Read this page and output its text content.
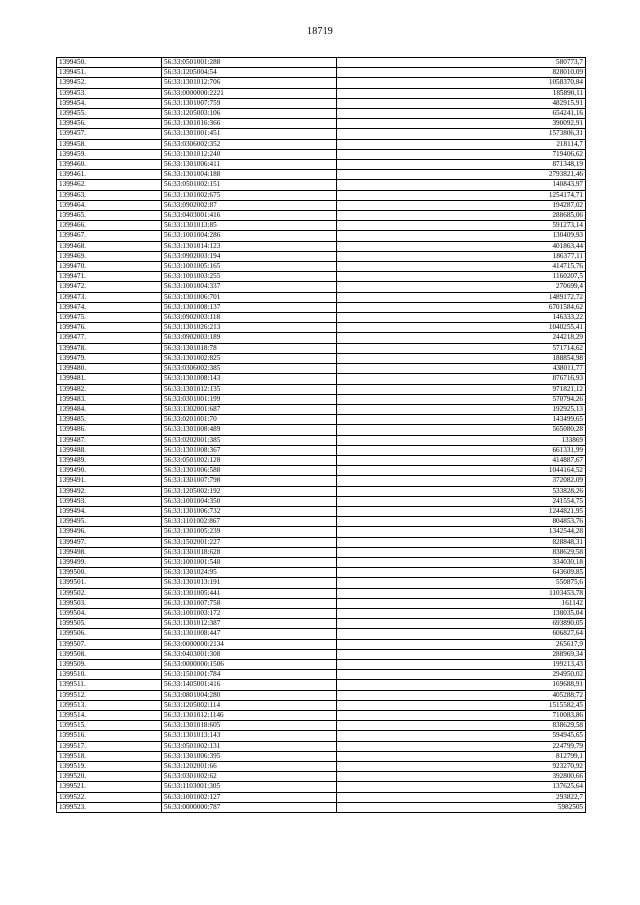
18719
1399450.	56:33:0501001:288	580773,7
1399451.	56:33:1205004:54	828010,09
1399452.	56:33:1301012:706	1058370,84
1399453.	56:33:0000000:2221	185890,11
1399454.	56:33:1301007:759	482915,91
1399455.	56:33:1205003:106	654241,16
1399456.	56:33:1301016:366	390092,91
1399457.	56:33:1301001:451	1573806,31
1399458.	56:33:0306002:352	218114,7
1399459.	56:33:1301012:240	719406,62
1399460.	56:33:1301006:411	871348,19
1399461.	56:33:1301004:188	2793821,46
1399462.	56:33:0501002:151	140843,97
1399463.	56:33:1301002:675	1254174,71
1399464.	56:33:0902002:87	194287,02
1399465.	56:33:0403001:416	288685,06
1399466.	56:33:1301013:85	591273,14
1399467.	56:33:1001004:286	130409,93
1399468.	56:33:1301014:123	401863,44
1399469.	56:33:0902003:194	186377,11
1399470.	56:33:1001005:165	414715,76
1399471.	56:33:1001003:255	1160207,5
1399472.	56:33:1001004:337	270699,4
1399473.	56:33:1301006:701	1489172,72
1399474.	56:33:1301008:137	6701584,62
1399475.	56:33:0902003:118	146333,22
1399476.	56:33:1301026:213	1040255,41
1399477.	56:33:0902003:189	244218,29
1399478.	56:33:1301018:78	571714,62
1399479.	56:33:1301002:825	188854,98
1399480.	56:33:0306002:385	438011,77
1399481.	56:33:1301008:143	876716,93
1399482.	56:33:1301012:135	971821,12
1399483.	56:33:0301001:199	570794,26
1399484.	56:33:1302001:687	192925,13
1399485.	56:33:0201001:70	143499,65
1399486.	56:33:1301008:489	565080,28
1399487.	56:33:0202001:385	133869
1399488.	56:33:1301008:367	661331,99
1399489.	56:33:0501002:128	414887,67
1399490.	56:33:1301006:588	1044164,52
1399491.	56:33:1301007:798	372082,09
1399492.	56:33:1205002:192	533828,26
1399493.	56:33:1001004:350	241554,75
1399494.	56:33:1301006:732	1244821,95
1399495.	56:33:1101002:867	804853,76
1399496.	56:33:1301005:239	1342544,28
1399497.	56:33:1502001:227	828848,31
1399498.	56:33:1301018:628	838629,58
1399499.	56:33:1001001:548	334030,18
1399500.	56:33:1301024:95	643609,85
1399501.	56:33:1301013:191	550875,6
1399502.	56:33:1301005:441	1103453,78
1399503.	56:33:1301007:758	161142
1399504.	56:33:1001003:172	138035,04
1399505.	56:33:1301012:387	693890,05
1399506.	56:33:1301008:447	606827,64
1399507.	56:33:0000000:2134	265617,9
1399508.	56:33:0403001:308	288969,34
1399509.	56:33:0000000:1506	199213,43
1399510.	56:33:1501001:784	294950,02
1399511.	56:33:1405001:416	169688,91
1399512.	56:33:0801004:280	405288,72
1399513.	56:33:1205002:114	1515582,45
1399514.	56:33:1301012:1146	710083,86
1399515.	56:33:1301018:605	838629,58
1399516.	56:33:1301013:143	594945,65
1399517.	56:33:0501002:131	224799,79
1399518.	56:33:1301006:395	812799,1
1399519.	56:33:1202001:66	923270,92
1399520.	56:33:0301002:62	392800,66
1399521.	56:33:1103001:305	137625,64
1399522.	56:33:1001002:127	293822,7
1399523.	56:33:0000000:787	5982505
